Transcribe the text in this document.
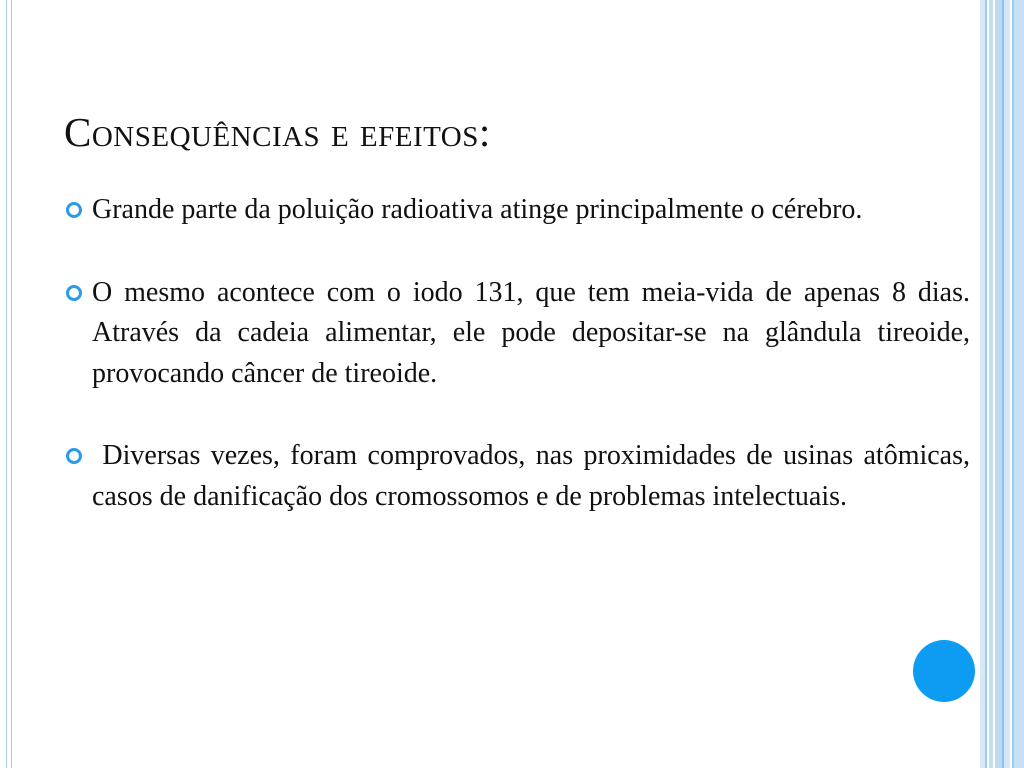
Consequências e efeitos:
Grande parte da poluição radioativa atinge principalmente o cérebro.
O mesmo acontece com o iodo 131, que tem meia-vida de apenas 8 dias. Através da cadeia alimentar, ele pode depositar-se na glândula tireoide, provocando câncer de tireoide.
Diversas vezes, foram comprovados, nas proximidades de usinas atômicas, casos de danificação dos cromossomos e de problemas intelectuais.
